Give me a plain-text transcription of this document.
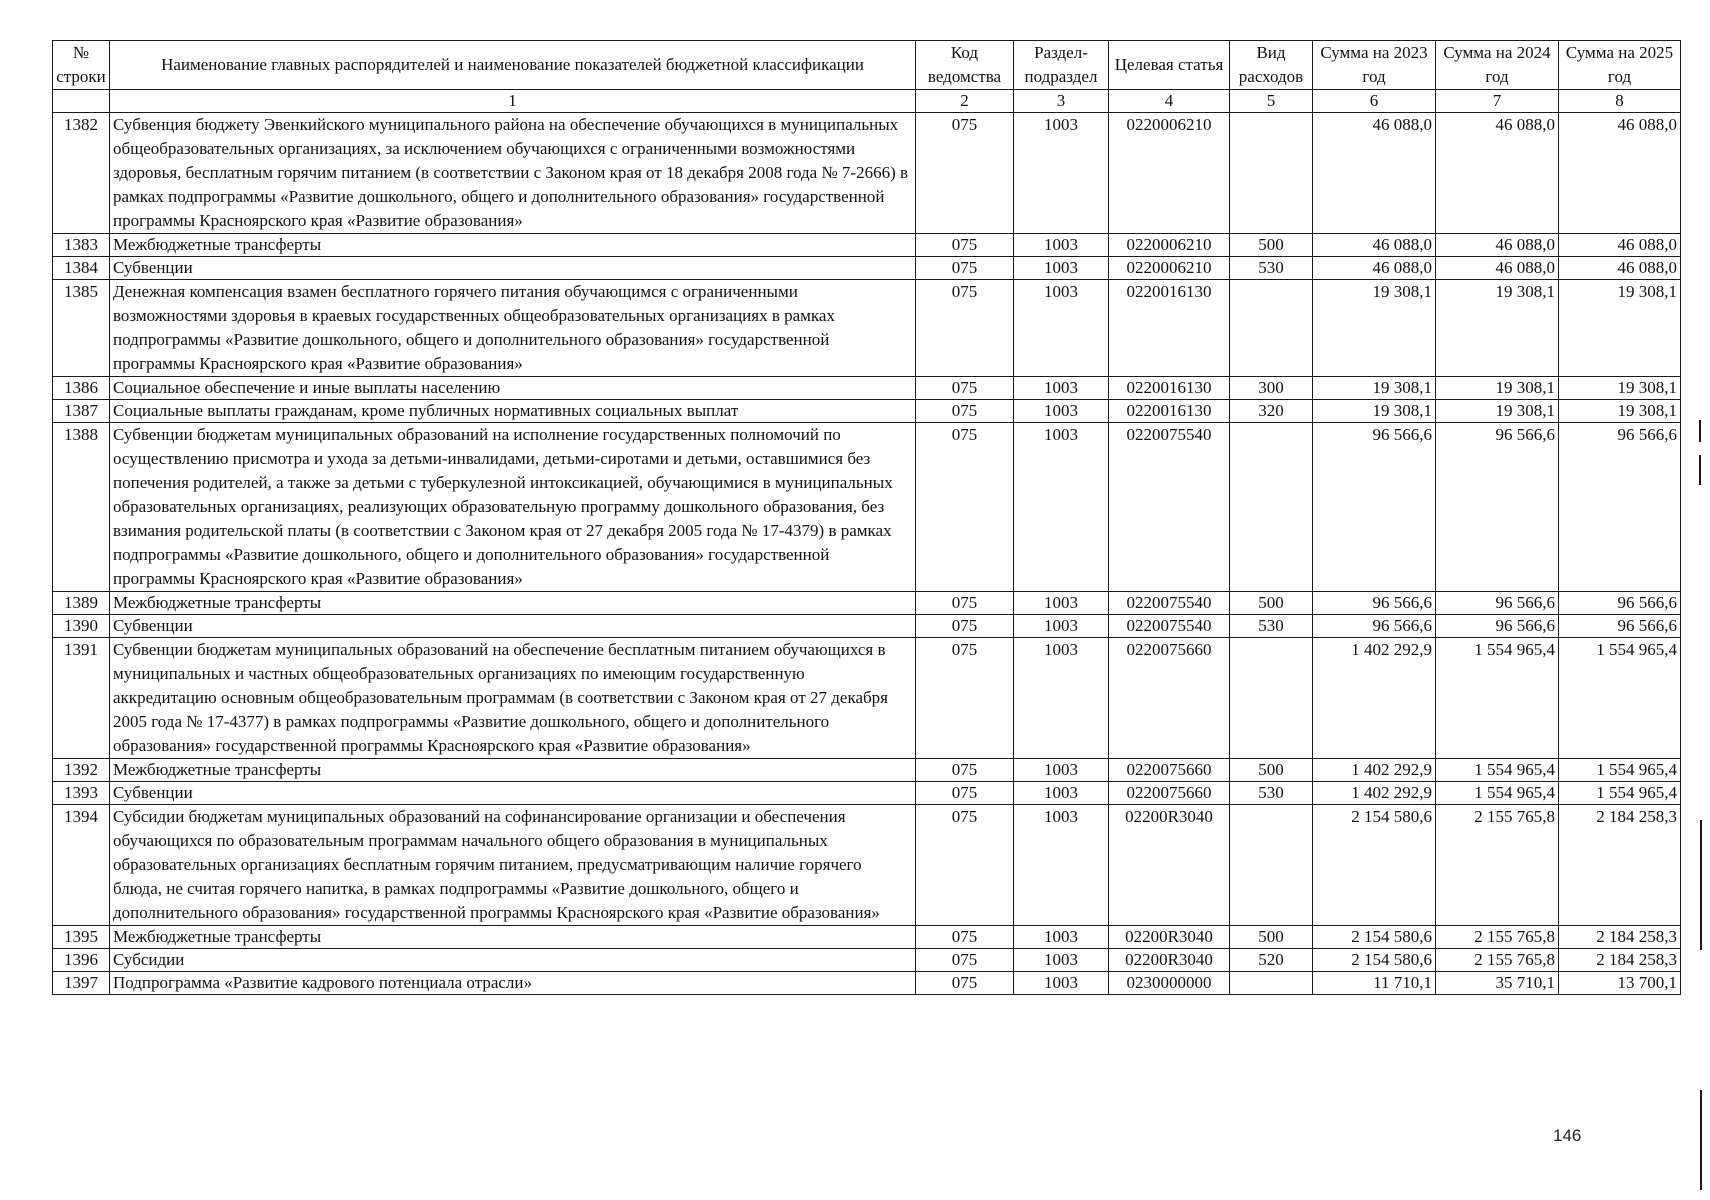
№ строки	Наименование главных распорядителей и наименование показателей бюджетной классификации	Код ведомства	Раздел-подраздел	Целевая статья	Вид расходов	Сумма на 2023 год	Сумма на 2024 год	Сумма на 2025 год
	1	2	3	4	5	6	7	8
1382	Субвенция бюджету Эвенкийского муниципального района на обеспечение обучающихся в муниципальных общеобразовательных организациях, за исключением обучающихся с ограниченными возможностями здоровья, бесплатным горячим питанием (в соответствии с Законом края от 18 декабря 2008 года № 7-2666) в рамках подпрограммы «Развитие дошкольного, общего и дополнительного образования» государственной программы Красноярского края «Развитие образования»	075	1003	0220006210		46 088,0	46 088,0	46 088,0
1383	Межбюджетные трансферты	075	1003	0220006210	500	46 088,0	46 088,0	46 088,0
1384	Субвенции	075	1003	0220006210	530	46 088,0	46 088,0	46 088,0
1385	Денежная компенсация взамен бесплатного горячего питания обучающимся с ограниченными возможностями здоровья в краевых государственных общеобразовательных организациях в рамках подпрограммы «Развитие дошкольного, общего и дополнительного образования» государственной программы Красноярского края «Развитие образования»	075	1003	0220016130		19 308,1	19 308,1	19 308,1
1386	Социальное обеспечение и иные выплаты населению	075	1003	0220016130	300	19 308,1	19 308,1	19 308,1
1387	Социальные выплаты гражданам, кроме публичных нормативных социальных выплат	075	1003	0220016130	320	19 308,1	19 308,1	19 308,1
1388	Субвенции бюджетам муниципальных образований на исполнение государственных полномочий по осуществлению присмотра и ухода за детьми-инвалидами, детьми-сиротами и детьми, оставшимися без попечения родителей, а также за детьми с туберкулезной интоксикацией, обучающимися в муниципальных образовательных организациях, реализующих образовательную программу дошкольного образования, без взимания родительской платы (в соответствии с Законом края от 27 декабря 2005 года № 17-4379) в рамках подпрограммы «Развитие дошкольного, общего и дополнительного образования» государственной программы Красноярского края «Развитие образования»	075	1003	0220075540		96 566,6	96 566,6	96 566,6
1389	Межбюджетные трансферты	075	1003	0220075540	500	96 566,6	96 566,6	96 566,6
1390	Субвенции	075	1003	0220075540	530	96 566,6	96 566,6	96 566,6
1391	Субвенции бюджетам муниципальных образований на обеспечение бесплатным питанием обучающихся в муниципальных и частных общеобразовательных организациях по имеющим государственную аккредитацию основным общеобразовательным программам (в соответствии с Законом края от 27 декабря 2005 года № 17-4377) в рамках подпрограммы «Развитие дошкольного, общего и дополнительного образования» государственной программы Красноярского края «Развитие образования»	075	1003	0220075660		1 402 292,9	1 554 965,4	1 554 965,4
1392	Межбюджетные трансферты	075	1003	0220075660	500	1 402 292,9	1 554 965,4	1 554 965,4
1393	Субвенции	075	1003	0220075660	530	1 402 292,9	1 554 965,4	1 554 965,4
1394	Субсидии бюджетам муниципальных образований на софинансирование организации и обеспечения обучающихся по образовательным программам начального общего образования в муниципальных образовательных организациях бесплатным горячим питанием, предусматривающим наличие горячего блюда, не считая горячего напитка, в рамках подпрограммы «Развитие дошкольного, общего и дополнительного образования» государственной программы Красноярского края «Развитие образования»	075	1003	02200R3040		2 154 580,6	2 155 765,8	2 184 258,3
1395	Межбюджетные трансферты	075	1003	02200R3040	500	2 154 580,6	2 155 765,8	2 184 258,3
1396	Субсидии	075	1003	02200R3040	520	2 154 580,6	2 155 765,8	2 184 258,3
1397	Подпрограмма «Развитие кадрового потенциала отрасли»	075	1003	0230000000		11 710,1	35 710,1	13 700,1
146
